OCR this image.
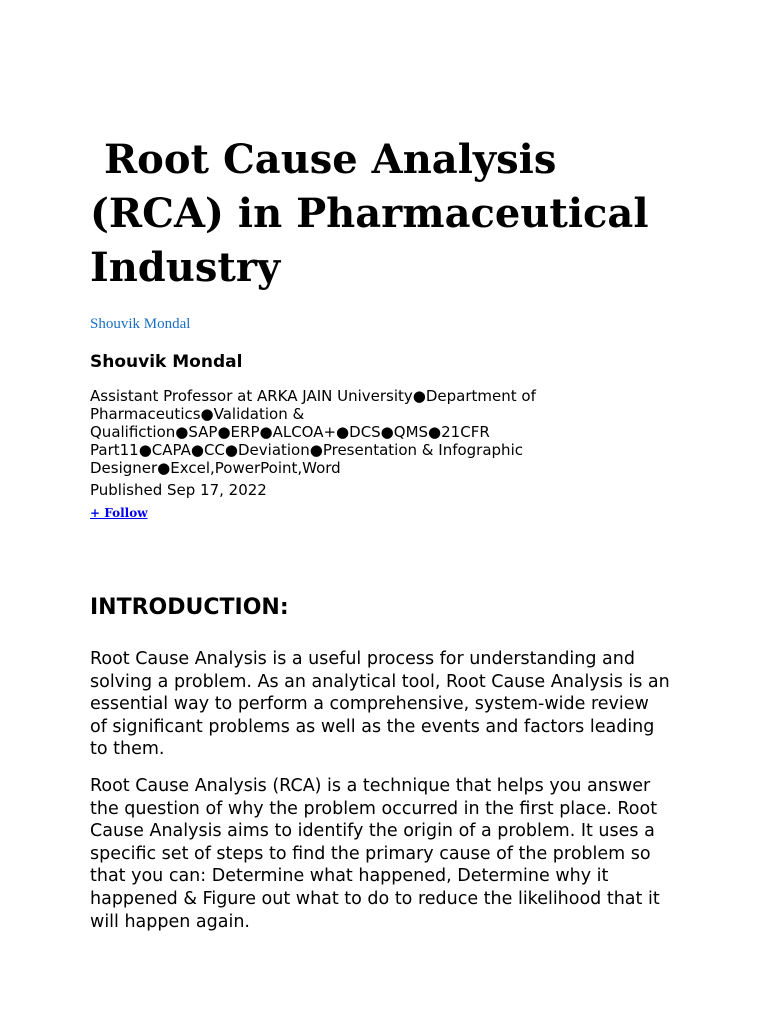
Root Cause Analysis (RCA) in Pharmaceutical Industry
Shouvik Mondal
Shouvik Mondal
Assistant Professor at ARKA JAIN University●Department of Pharmaceutics●Validation & Qualifiction●SAP●ERP●ALCOA+●DCS●QMS●21CFR Part11●CAPA●CC●Deviation●Presentation & Infographic Designer●Excel,PowerPoint,Word
Published Sep 17, 2022
+ Follow
INTRODUCTION:

Root Cause Analysis is a useful process for understanding and solving a problem. As an analytical tool, Root Cause Analysis is an essential way to perform a comprehensive, system-wide review of significant problems as well as the events and factors leading to them.

Root Cause Analysis (RCA) is a technique that helps you answer the question of why the problem occurred in the first place. Root Cause Analysis aims to identify the origin of a problem. It uses a specific set of steps to find the primary cause of the problem so that you can: Determine what happened, Determine why it happened & Figure out what to do to reduce the likelihood that it will happen again.
